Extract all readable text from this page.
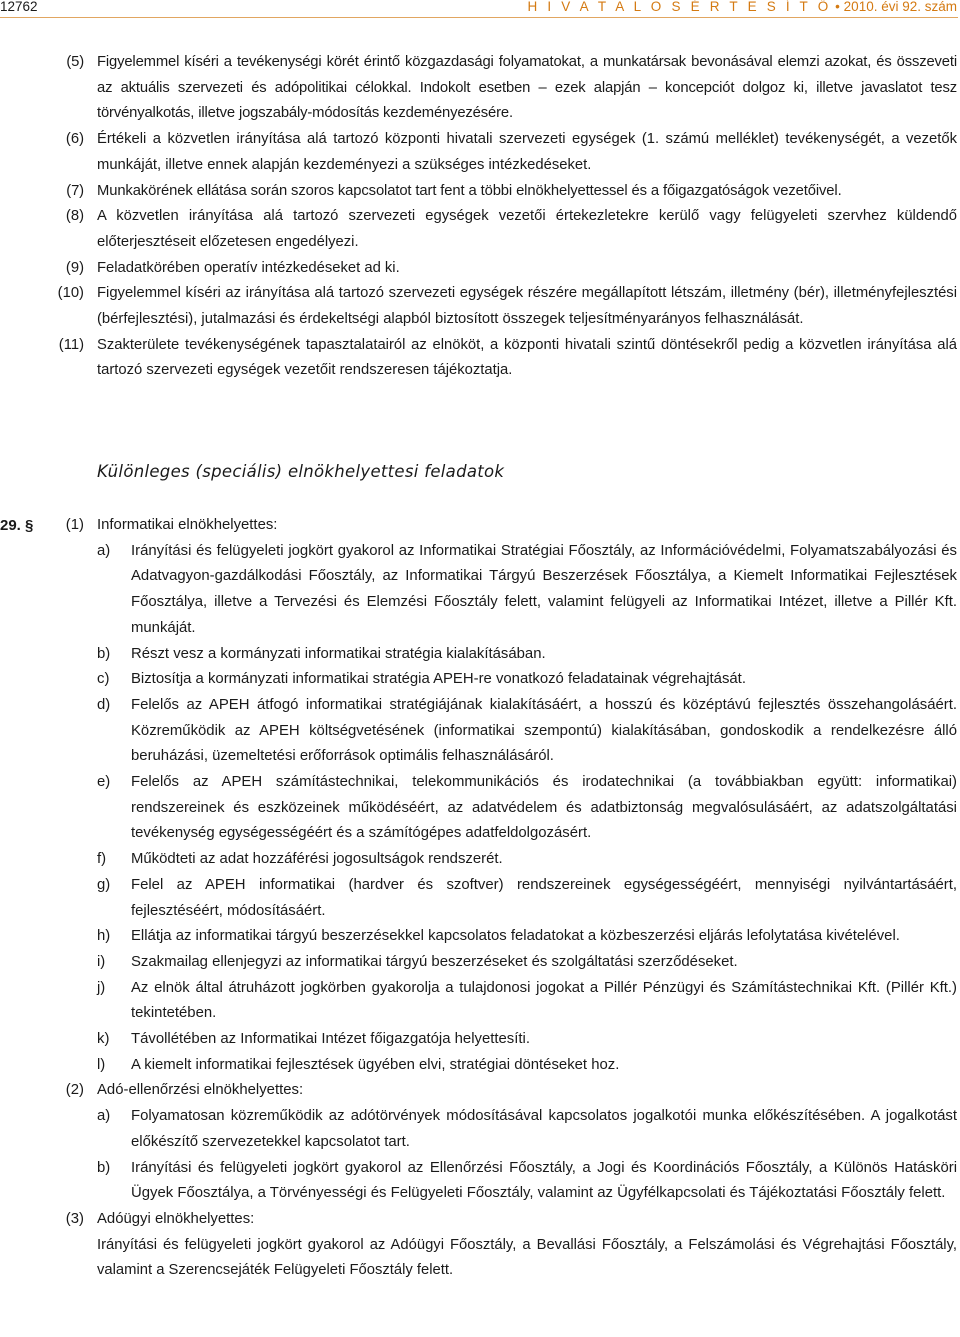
12762	H I V A T A L O S É R T E S Í T Ő • 2010. évi 92. szám
(5) Figyelemmel kíséri a tevékenységi körét érintő közgazdasági folyamatokat, a munkatársak bevonásával elemzi azokat, és összeveti az aktuális szervezeti és adópolitikai célokkal. Indokolt esetben – ezek alapján – koncepciót dolgoz ki, illetve javaslatot tesz törvényalkotás, illetve jogszabály-módosítás kezdeményezésére.
(6) Értékeli a közvetlen irányítása alá tartozó központi hivatali szervezeti egységek (1. számú melléklet) tevékenységét, a vezetők munkáját, illetve ennek alapján kezdeményezi a szükséges intézkedéseket.
(7) Munkakörének ellátása során szoros kapcsolatot tart fent a többi elnökhelyettessel és a főigazgatóságok vezetőivel.
(8) A közvetlen irányítása alá tartozó szervezeti egységek vezetői értekezletekre kerülő vagy felügyeleti szervhez küldendő előterjesztéseit előzetesen engedélyezi.
(9) Feladatkörében operatív intézkedéseket ad ki.
(10) Figyelemmel kíséri az irányítása alá tartozó szervezeti egységek részére megállapított létszám, illetmény (bér), illetményfejlesztési (bérfejlesztési), jutalmazási és érdekeltségi alapból biztosított összegek teljesítményarányos felhasználását.
(11) Szakterülete tevékenységének tapasztalatairól az elnököt, a központi hivatali szintű döntésekről pedig a közvetlen irányítása alá tartozó szervezeti egységek vezetőit rendszeresen tájékoztatja.
Különleges (speciális) elnökhelyettesi feladatok
29. § (1) Informatikai elnökhelyettes:
a) Irányítási és felügyeleti jogkört gyakorol az Informatikai Stratégiai Főosztály, az Információvédelmi, Folyamatszabályozási és Adatvagyon-gazdálkodási Főosztály, az Informatikai Tárgyú Beszerzések Főosztálya, a Kiemelt Informatikai Fejlesztések Főosztálya, illetve a Tervezési és Elemzési Főosztály felett, valamint felügyeli az Informatikai Intézet, illetve a Pillér Kft. munkáját.
b) Részt vesz a kormányzati informatikai stratégia kialakításában.
c) Biztosítja a kormányzati informatikai stratégia APEH-re vonatkozó feladatainak végrehajtását.
d) Felelős az APEH átfogó informatikai stratégiájának kialakításáért, a hosszú és középtávú fejlesztés összehangolásáért. Közreműködik az APEH költségvetésének (informatikai szempontú) kialakításában, gondoskodik a rendelkezésre álló beruházási, üzemeltetési erőforrások optimális felhasználásáról.
e) Felelős az APEH számítástechnikai, telekommunikációs és irodatechnikai (a továbbiakban együtt: informatikai) rendszereinek és eszközeinek működéséért, az adatvédelem és adatbiztonság megvalósulásáért, az adatszolgáltatási tevékenység egységességéért és a számítógépes adatfeldolgozásért.
f) Működteti az adat hozzáférési jogosultságok rendszerét.
g) Felel az APEH informatikai (hardver és szoftver) rendszereinek egységességéért, mennyiségi nyilvántartásáért, fejlesztéséért, módosításáért.
h) Ellátja az informatikai tárgyú beszerzésekkel kapcsolatos feladatokat a közbeszerzési eljárás lefolytatása kivételével.
i) Szakmailag ellenjegyzi az informatikai tárgyú beszerzéseket és szolgáltatási szerződéseket.
j) Az elnök által átruházott jogkörben gyakorolja a tulajdonosi jogokat a Pillér Pénzügyi és Számítástechnikai Kft. (Pillér Kft.) tekintetében.
k) Távollétében az Informatikai Intézet főigazgatója helyettesíti.
l) A kiemelt informatikai fejlesztések ügyében elvi, stratégiai döntéseket hoz.
(2) Adó-ellenőrzési elnökhelyettes:
a) Folyamatosan közreműködik az adótörvények módosításával kapcsolatos jogalkotói munka előkészítésében. A jogalkotást előkészítő szervezetekkel kapcsolatot tart.
b) Irányítási és felügyeleti jogkört gyakorol az Ellenőrzési Főosztály, a Jogi és Koordinációs Főosztály, a Különös Hatásköri Ügyek Főosztálya, a Törvényességi és Felügyeleti Főosztály, valamint az Ügyfélkapcsolati és Tájékoztatási Főosztály felett.
(3) Adóügyi elnökhelyettes:
Irányítási és felügyeleti jogkört gyakorol az Adóügyi Főosztály, a Bevallási Főosztály, a Felszámolási és Végrehajtási Főosztály, valamint a Szerencsejáték Felügyeleti Főosztály felett.
